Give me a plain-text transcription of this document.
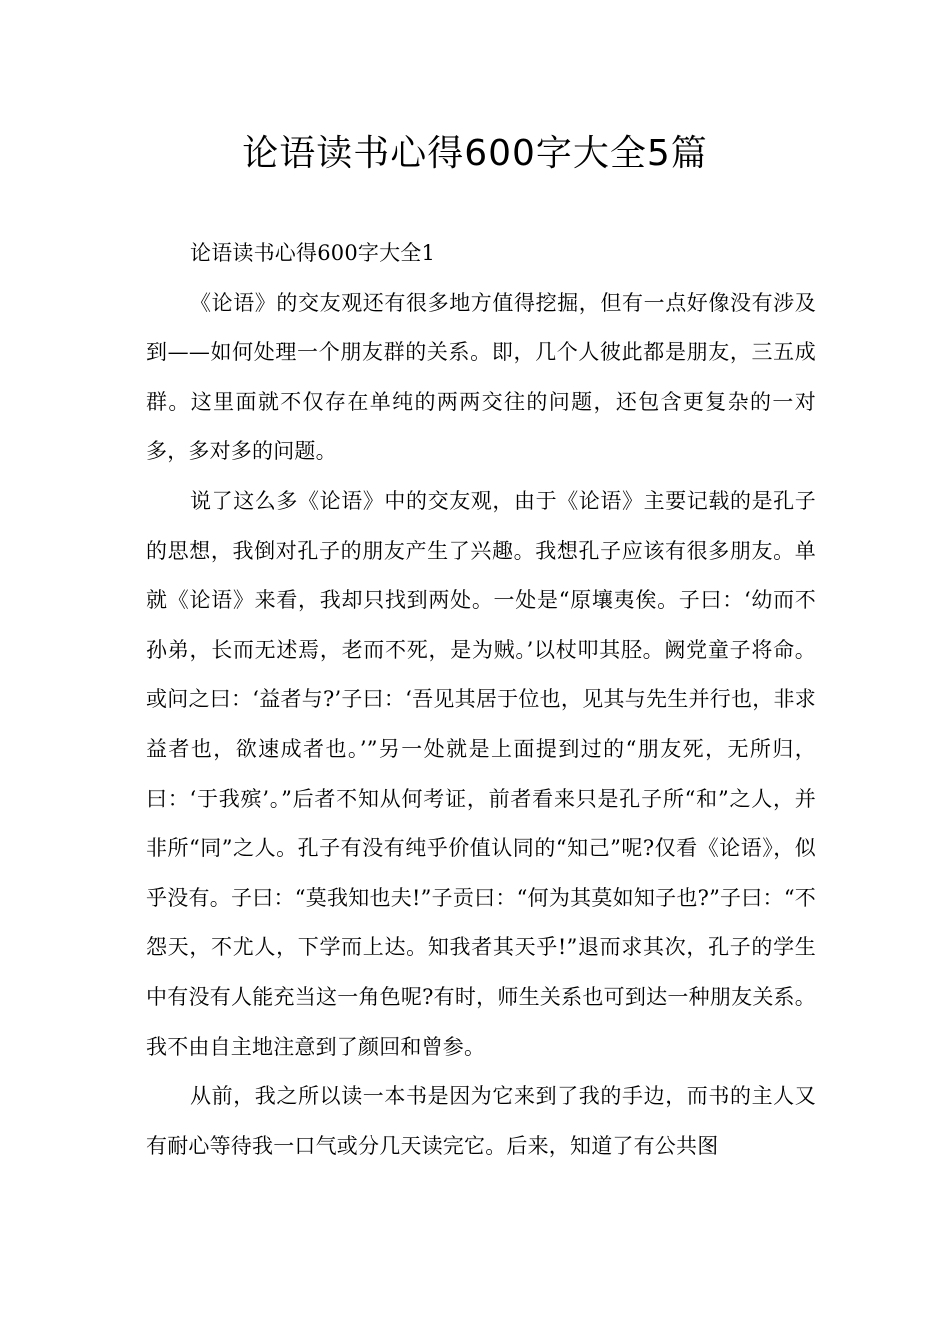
论语读书心得600字大全5篇

论语读书心得600字大全1

《论语》的交友观还有很多地方值得挖掘，但有一点好像没有涉及到——如何处理一个朋友群的关系。即，几个人彼此都是朋友，三五成群。这里面就不仅存在单纯的两两交往的问题，还包含更复杂的一对多，多对多的问题。

说了这么多《论语》中的交友观，由于《论语》主要记载的是孔子的思想，我倒对孔子的朋友产生了兴趣。我想孔子应该有很多朋友。单就《论语》来看，我却只找到两处。一处是“原壤夷俟。子曰：‘幼而不孙弟，长而无述焉，老而不死，是为贼。’以杖叩其胫。阙党童子将命。或问之曰：‘益者与?’子曰：‘吾见其居于位也，见其与先生并行也，非求益者也，欲速成者也。’”另一处就是上面提到过的“朋友死，无所归，曰：‘于我殡’。”后者不知从何考证，前者看来只是孔子所“和”之人，并非所“同”之人。孔子有没有纯乎价值认同的“知己”呢?仅看《论语》，似乎没有。子曰：“莫我知也夫!”子贡曰：“何为其莫如知子也?”子曰：“不怨天，不尤人，下学而上达。知我者其天乎!”退而求其次，孔子的学生中有没有人能充当这一角色呢?有时，师生关系也可到达一种朋友关系。我不由自主地注意到了颜回和曾参。

从前，我之所以读一本书是因为它来到了我的手边，而书的主人又有耐心等待我一口气或分几天读完它。后来，知道了有公共图
